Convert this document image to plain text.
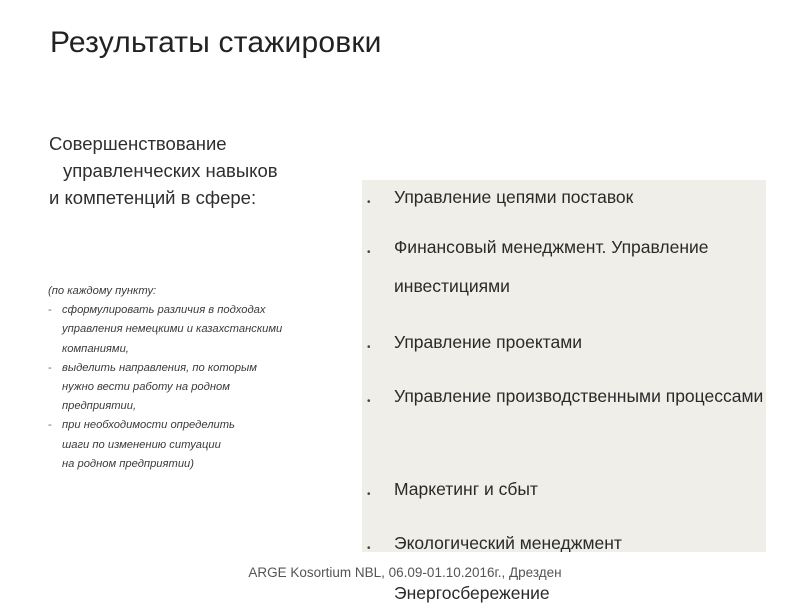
Результаты стажировки
Совершенствование
управленческих навыков
и компетенций в сфере:
(по каждому пункту:
- сформулировать различия в подходах
управления немецкими и казахстанскими
компаниями,
- выделить направления, по которым
нужно вести работу на родном
предприятии,
- при необходимости определить
шаги по изменению ситуации
на родном предприятии)
• Управление цепями поставок
• Финансовый менеджмент. Управление инвестициями
• Управление проектами
• Управление производственными процессами
• Маркетинг и сбыт
• Экологический менеджмент
Энергосбережение
ARGE Kosortium NBL, 06.09-01.10.2016г., Дрезден
